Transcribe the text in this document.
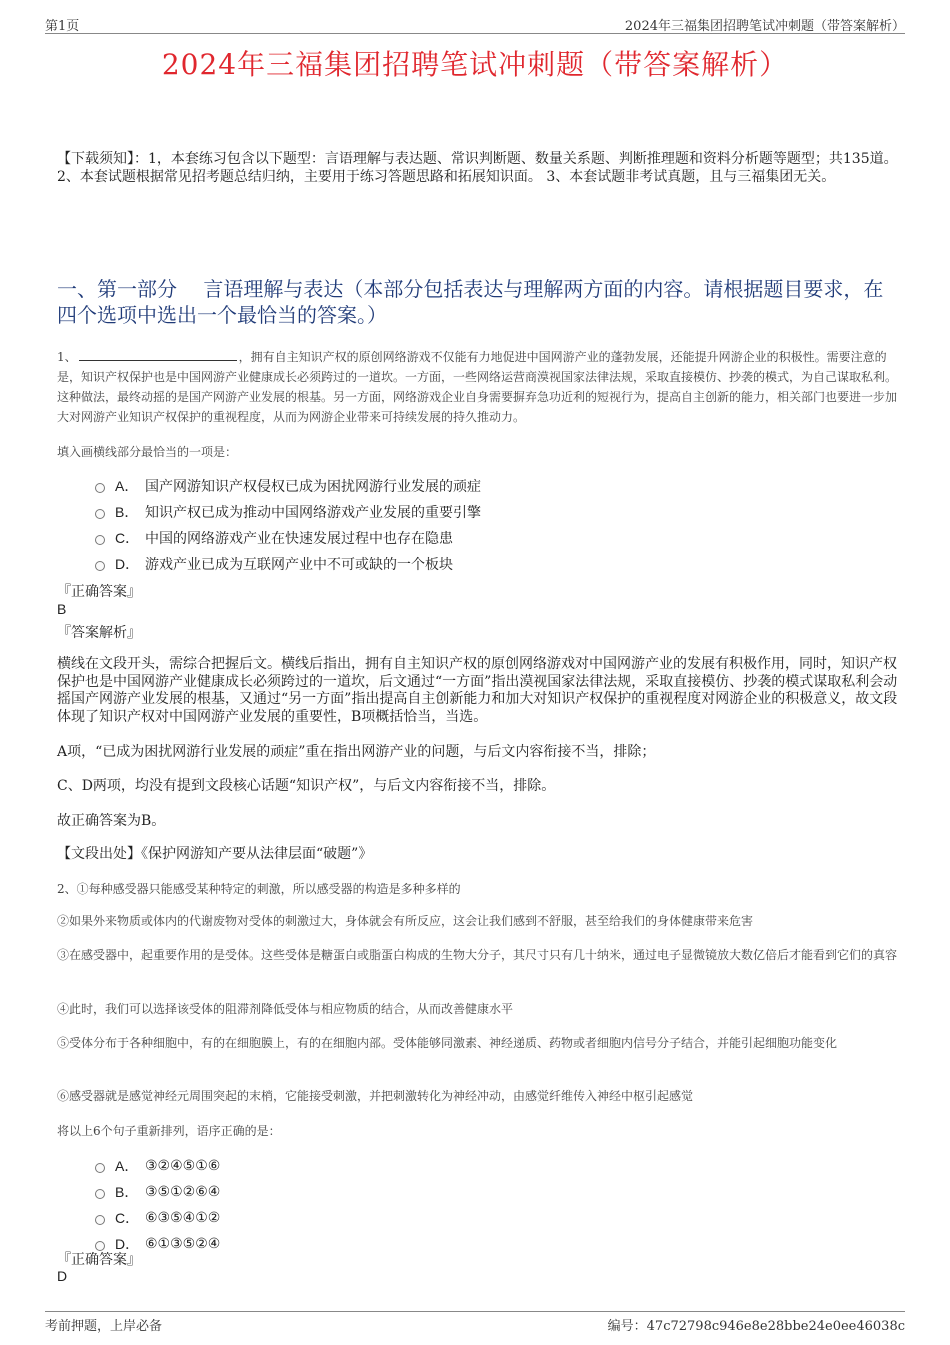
第1页	2024年三福集团招聘笔试冲刺题（带答案解析）
2024年三福集团招聘笔试冲刺题（带答案解析）
【下载须知】：1，本套练习包含以下题型：言语理解与表达题、常识判断题、数量关系题、判断推理题和资料分析题等题型；共135道。 2、本套试题根据常见招考题总结归纳，主要用于练习答题思路和拓展知识面。 3、本套试题非考试真题，且与三福集团无关。
一、第一部分　 言语理解与表达（本部分包括表达与理解两方面的内容。请根据题目要求，在四个选项中选出一个最恰当的答案。）
1、	，拥有自主知识产权的原创网络游戏不仅能有力地促进中国网游产业的蓬勃发展，还能提升网游企业的积极性。需要注意的是，知识产权保护也是中国网游产业健康成长必须跨过的一道坎。一方面，一些网络运营商漠视国家法律法规，采取直接模仿、抄袭的模式，为自己谋取私利。这种做法，最终动摇的是国产网游产业发展的根基。另一方面，网络游戏企业自身需要摒弃急功近利的短视行为，提高自主创新的能力，相关部门也要进一步加大对网游产业知识产权保护的重视程度，从而为网游企业带来可持续发展的持久推动力。
填入画横线部分最恰当的一项是：
A． 国产网游知识产权侵权已成为困扰网游行业发展的顽症
B． 知识产权已成为推动中国网络游戏产业发展的重要引擎
C． 中国的网络游戏产业在快速发展过程中也存在隐患
D． 游戏产业已成为互联网产业中不可或缺的一个板块
『正确答案』
B
『答案解析』
横线在文段开头，需综合把握后文。横线后指出，拥有自主知识产权的原创网络游戏对中国网游产业的发展有积极作用，同时，知识产权保护也是中国网游产业健康成长必须跨过的一道坎，后文通过“一方面”指出漠视国家法律法规，采取直接模仿、抄袭的模式谋取私利会动摇国产网游产业发展的根基，又通过“另一方面”指出提高自主创新能力和加大对知识产权保护的重视程度对网游企业的积极意义，故文段体现了知识产权对中国网游产业发展的重要性，B项概括恰当，当选。
A项，“已成为困扰网游行业发展的顽症”重在指出网游产业的问题，与后文内容衔接不当，排除；
C、D两项，均没有提到文段核心话题“知识产权”，与后文内容衔接不当，排除。
故正确答案为B。
【文段出处】《保护网游知产要从法律层面“破题”》
2、①每种感受器只能感受某种特定的刺激，所以感受器的构造是多种多样的
②如果外来物质或体内的代谢废物对受体的刺激过大，身体就会有所反应，这会让我们感到不舒服，甚至给我们的身体健康带来危害
③在感受器中，起重要作用的是受体。这些受体是糖蛋白或脂蛋白构成的生物大分子，其尺寸只有几十纳米，通过电子显微镜放大数亿倍后才能看到它们的真容
④此时，我们可以选择该受体的阻滞剂降低受体与相应物质的结合，从而改善健康水平
⑤受体分布于各种细胞中，有的在细胞膜上，有的在细胞内部。受体能够同激素、神经递质、药物或者细胞内信号分子结合，并能引起细胞功能变化
⑥感受器就是感觉神经元周围突起的末梢，它能接受刺激，并把刺激转化为神经冲动，由感觉纤维传入神经中枢引起感觉
将以上6个句子重新排列，语序正确的是：
A． ③②④⑤①⑥
B． ③⑤①②⑥④
C． ⑥③⑤④①②
D． ⑥①③⑤②④
『正确答案』
D
考前押题，上岸必备	编号：47c72798c946e8e28bbe24e0ee46038c
